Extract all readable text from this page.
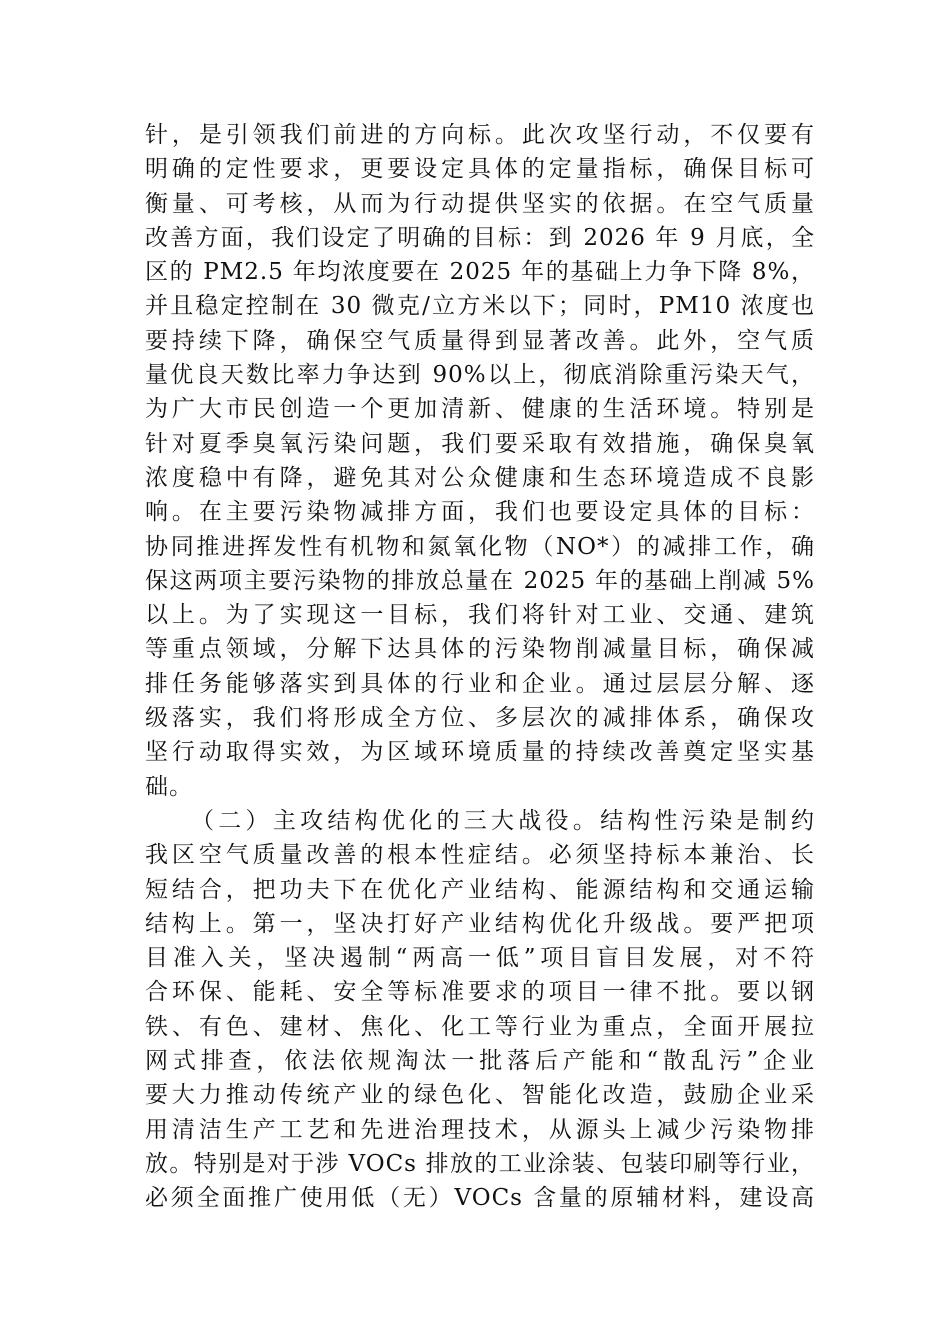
针，是引领我们前进的方向标。此次攻坚行动，不仅要有
明确的定性要求，更要设定具体的定量指标，确保目标可
衡量、可考核，从而为行动提供坚实的依据。在空气质量
改善方面，我们设定了明确的目标：到 2026 年 9 月底，全
区的 PM2.5 年均浓度要在 2025 年的基础上力争下降 8%，
并且稳定控制在 30 微克/立方米以下；同时，PM10 浓度也
要持续下降，确保空气质量得到显著改善。此外，空气质
量优良天数比率力争达到 90%以上，彻底消除重污染天气，
为广大市民创造一个更加清新、健康的生活环境。特别是
针对夏季臭氧污染问题，我们要采取有效措施，确保臭氧
浓度稳中有降，避免其对公众健康和生态环境造成不良影
响。在主要污染物减排方面，我们也要设定具体的目标：
协同推进挥发性有机物和氮氧化物（NO*）的减排工作，确
保这两项主要污染物的排放总量在 2025 年的基础上削减 5%
以上。为了实现这一目标，我们将针对工业、交通、建筑
等重点领域，分解下达具体的污染物削减量目标，确保减
排任务能够落实到具体的行业和企业。通过层层分解、逐
级落实，我们将形成全方位、多层次的减排体系，确保攻
坚行动取得实效，为区域环境质量的持续改善奠定坚实基
础。
（二）主攻结构优化的三大战役。结构性污染是制约
我区空气质量改善的根本性症结。必须坚持标本兼治、长
短结合，把功夫下在优化产业结构、能源结构和交通运输
结构上。第一，坚决打好产业结构优化升级战。要严把项
目准入关，坚决遏制“两高一低”项目盲目发展，对不符
合环保、能耗、安全等标准要求的项目一律不批。要以钢
铁、有色、建材、焦化、化工等行业为重点，全面开展拉
网式排查，依法依规淘汰一批落后产能和“散乱污”企业
要大力推动传统产业的绿色化、智能化改造，鼓励企业采
用清洁生产工艺和先进治理技术，从源头上减少污染物排
放。特别是对于涉 VOCs 排放的工业涂装、包装印刷等行业，
必须全面推广使用低（无）VOCs 含量的原辅材料，建设高
